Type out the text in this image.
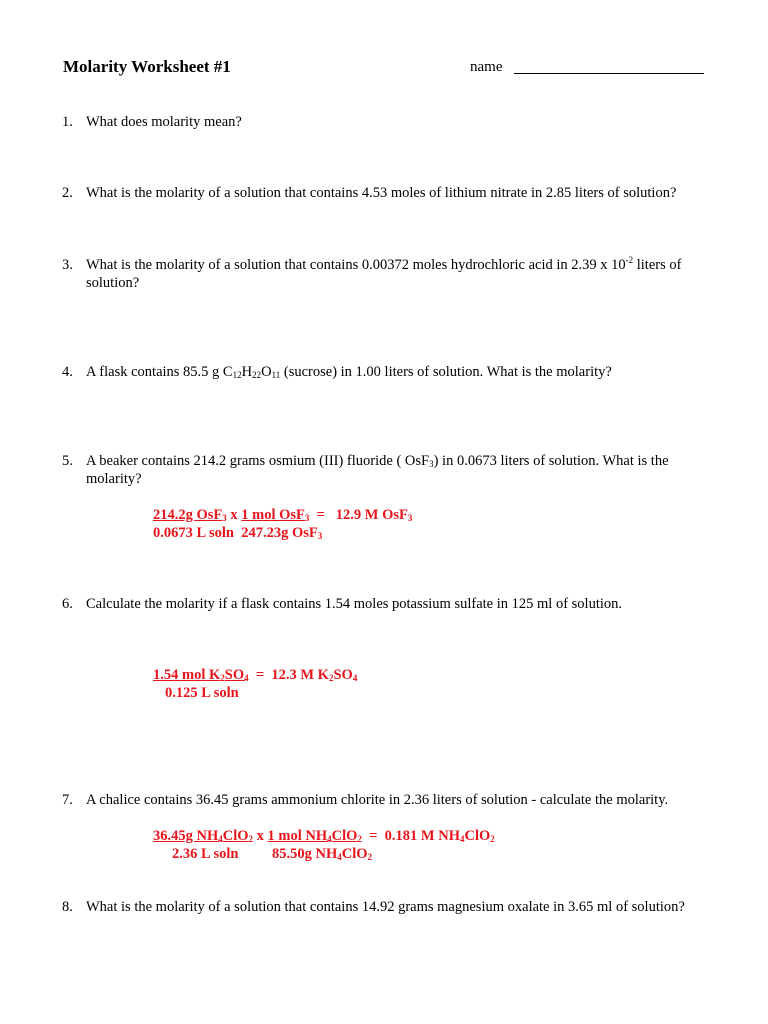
Molarity Worksheet #1	name
1. What does molarity mean?
2. What is the molarity of a solution that contains 4.53 moles of lithium nitrate in 2.85 liters of solution?
3. What is the molarity of a solution that contains 0.00372 moles hydrochloric acid in 2.39 x $10^{-2}$ liters of solution?
4. A flask contains 85.5 g $C_{12}H_{22}O_{11}$ (sucrose) in 1.00 liters of solution. What is the molarity?
5. A beaker contains 214.2 grams osmium (III) fluoride ( OsF$_3$) in 0.0673 liters of solution. What is the molarity?
214.2g OsF$_3$ x 1 mol OsF$_3$  =   12.9 M OsF$_3$
0.0673 L soln  247.23g OsF$_3$
6. Calculate the molarity if a flask contains 1.54 moles potassium sulfate in 125 ml of solution.
1.54 mol $K_2SO_4 = 12.3$ M $K_2SO_4$
0.125 L soln
7. A chalice contains 36.45 grams ammonium chlorite in 2.36 liters of solution - calculate the molarity.
36.45g $NH_4ClO_2$ x 1 mol $NH_4ClO_2 = 0.181$ M $NH_4ClO_2$
2.36 L soln 85.50g $NH_4ClO_2$
8. What is the molarity of a solution that contains 14.92 grams magnesium oxalate in 3.65 ml of solution?
